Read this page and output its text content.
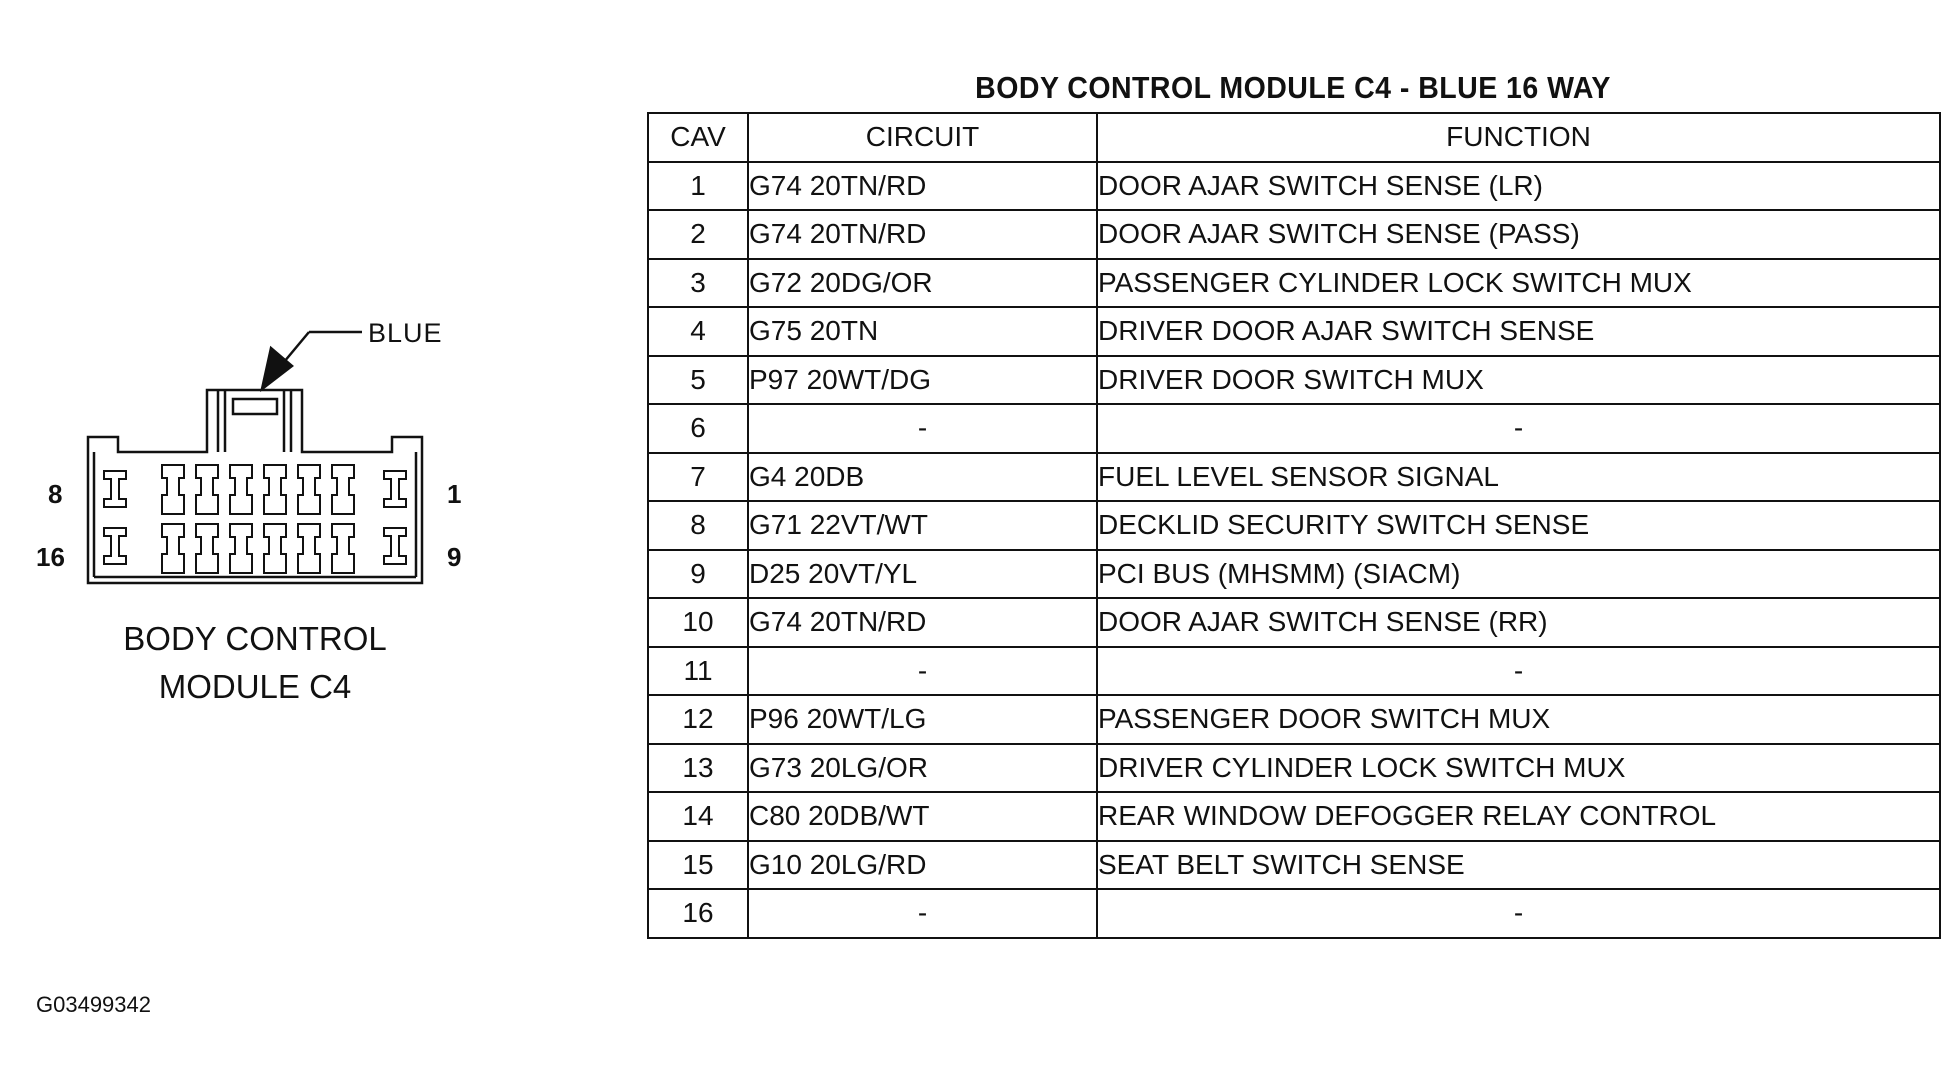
BLUE
8	1
16	9
BODY CONTROL
MODULE C4
BODY CONTROL MODULE C4 - BLUE 16 WAY
CAV	CIRCUIT	FUNCTION
1	G74 20TN/RD	DOOR AJAR SWITCH SENSE (LR)
2	G74 20TN/RD	DOOR AJAR SWITCH SENSE (PASS)
3	G72 20DG/OR	PASSENGER CYLINDER LOCK SWITCH MUX
4	G75 20TN	DRIVER DOOR AJAR SWITCH SENSE
5	P97 20WT/DG	DRIVER DOOR SWITCH MUX
6	-	-
7	G4 20DB	FUEL LEVEL SENSOR SIGNAL
8	G71 22VT/WT	DECKLID SECURITY SWITCH SENSE
9	D25 20VT/YL	PCI BUS (MHSMM) (SIACM)
10	G74 20TN/RD	DOOR AJAR SWITCH SENSE (RR)
11	-	-
12	P96 20WT/LG	PASSENGER DOOR SWITCH MUX
13	G73 20LG/OR	DRIVER CYLINDER LOCK SWITCH MUX
14	C80 20DB/WT	REAR WINDOW DEFOGGER RELAY CONTROL
15	G10 20LG/RD	SEAT BELT SWITCH SENSE
16	-	-
G03499342
